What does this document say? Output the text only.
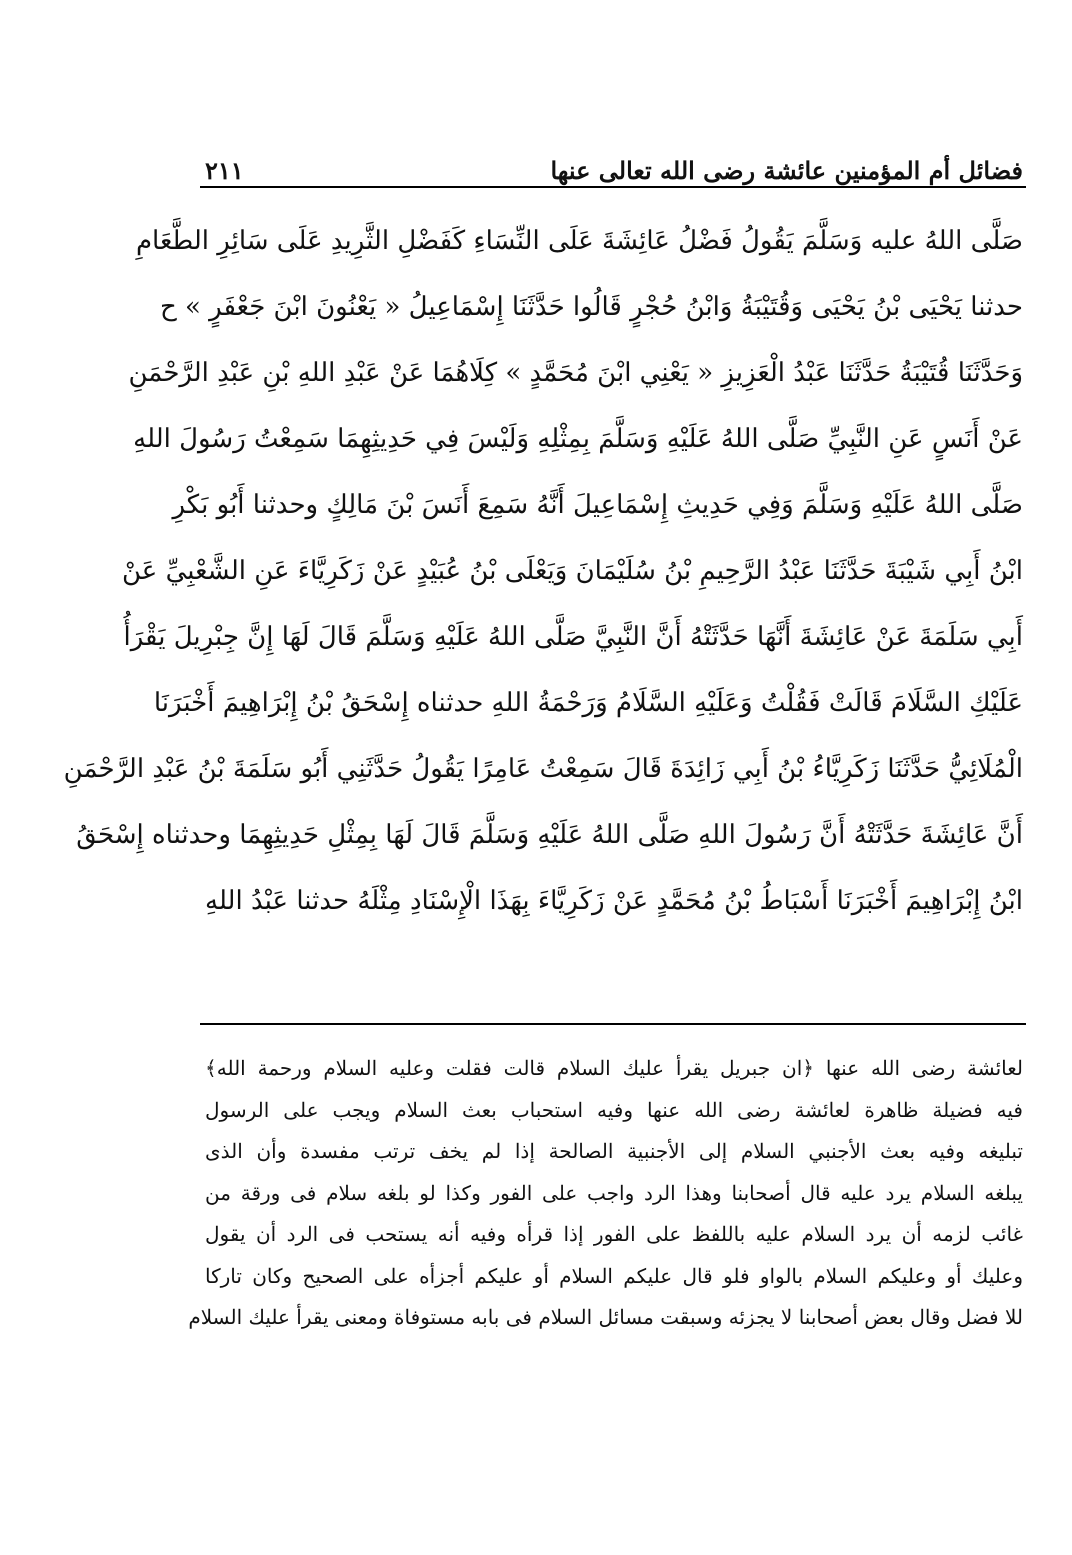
فضائل أم المؤمنين عائشة رضى الله تعالى عنها
٢١١
صَلَّى اللهُ عليه وَسَلَّمَ يَقُولُ فَضْلُ عَائِشَةَ عَلَى النِّسَاءِ كَفَضْلِ الثَّرِيدِ عَلَى سَائِرِ الطَّعَامِ
حدثنا يَحْيَى بْنُ يَحْيَى وَقُتَيْبَةُ وَابْنُ حُجْرٍ قَالُوا حَدَّثَنَا إِسْمَاعِيلُ « يَعْنُونَ ابْنَ جَعْفَرٍ » ح
وَحَدَّثَنَا قُتَيْبَةُ حَدَّثَنَا عَبْدُ الْعَزِيزِ « يَعْنِي ابْنَ مُحَمَّدٍ » كِلَاهُمَا عَنْ عَبْدِ اللهِ بْنِ عَبْدِ الرَّحْمَنِ
عَنْ أَنَسٍ عَنِ النَّبِيِّ صَلَّى اللهُ عَلَيْهِ وَسَلَّمَ بِمِثْلِهِ وَلَيْسَ فِي حَدِيثِهِمَا سَمِعْتُ رَسُولَ اللهِ
صَلَّى اللهُ عَلَيْهِ وَسَلَّمَ وَفِي حَدِيثِ إِسْمَاعِيلَ أَنَّهُ سَمِعَ أَنَسَ بْنَ مَالِكٍ وحدثنا أَبُو بَكْرِ
ابْنُ أَبِي شَيْبَةَ حَدَّثَنَا عَبْدُ الرَّحِيمِ بْنُ سُلَيْمَانَ وَيَعْلَى بْنُ عُبَيْدٍ عَنْ زَكَرِيَّاءَ عَنِ الشَّعْبِيِّ عَنْ
أَبِي سَلَمَةَ عَنْ عَائِشَةَ أَنَّهَا حَدَّثَتْهُ أَنَّ النَّبِيَّ صَلَّى اللهُ عَلَيْهِ وَسَلَّمَ قَالَ لَهَا إِنَّ جِبْرِيلَ يَقْرَأُ
عَلَيْكِ السَّلَامَ قَالَتْ فَقُلْتُ وَعَلَيْهِ السَّلَامُ وَرَحْمَةُ اللهِ حدثناه إِسْحَقُ بْنُ إِبْرَاهِيمَ أَخْبَرَنَا
الْمُلَائِيُّ حَدَّثَنَا زَكَرِيَّاءُ بْنُ أَبِي زَائِدَةَ قَالَ سَمِعْتُ عَامِرًا يَقُولُ حَدَّثَنِي أَبُو سَلَمَةَ بْنُ عَبْدِ الرَّحْمَنِ
أَنَّ عَائِشَةَ حَدَّثَتْهُ أَنَّ رَسُولَ اللهِ صَلَّى اللهُ عَلَيْهِ وَسَلَّمَ قَالَ لَهَا بِمِثْلِ حَدِيثِهِمَا وحدثناه إِسْحَقُ
ابْنُ إِبْرَاهِيمَ أَخْبَرَنَا أَسْبَاطُ بْنُ مُحَمَّدٍ عَنْ زَكَرِيَّاءَ بِهَذَا الْإِسْنَادِ مِثْلَهُ حدثنا عَبْدُ اللهِ
لعائشة رضى الله عنها ﴿ان جبريل يقرأ عليك السلام قالت فقلت وعليه السلام ورحمة الله﴾
فيه فضيلة ظاهرة لعائشة رضى الله عنها وفيه استحباب بعث السلام ويجب على الرسول
تبليغه وفيه بعث الأجنبي السلام إلى الأجنبية الصالحة إذا لم يخف ترتب مفسدة وأن الذى
يبلغه السلام يرد عليه قال أصحابنا وهذا الرد واجب على الفور وكذا لو بلغه سلام فى ورقة من
غائب لزمه أن يرد السلام عليه باللفظ على الفور إذا قرأه وفيه أنه يستحب فى الرد أن يقول
وعليك أو وعليكم السلام بالواو فلو قال عليكم السلام أو عليكم أجزأه على الصحيح وكان تاركا
للا فضل وقال بعض أصحابنا لا يجزئه وسبقت مسائل السلام فى بابه مستوفاة ومعنى يقرأ عليك السلام
